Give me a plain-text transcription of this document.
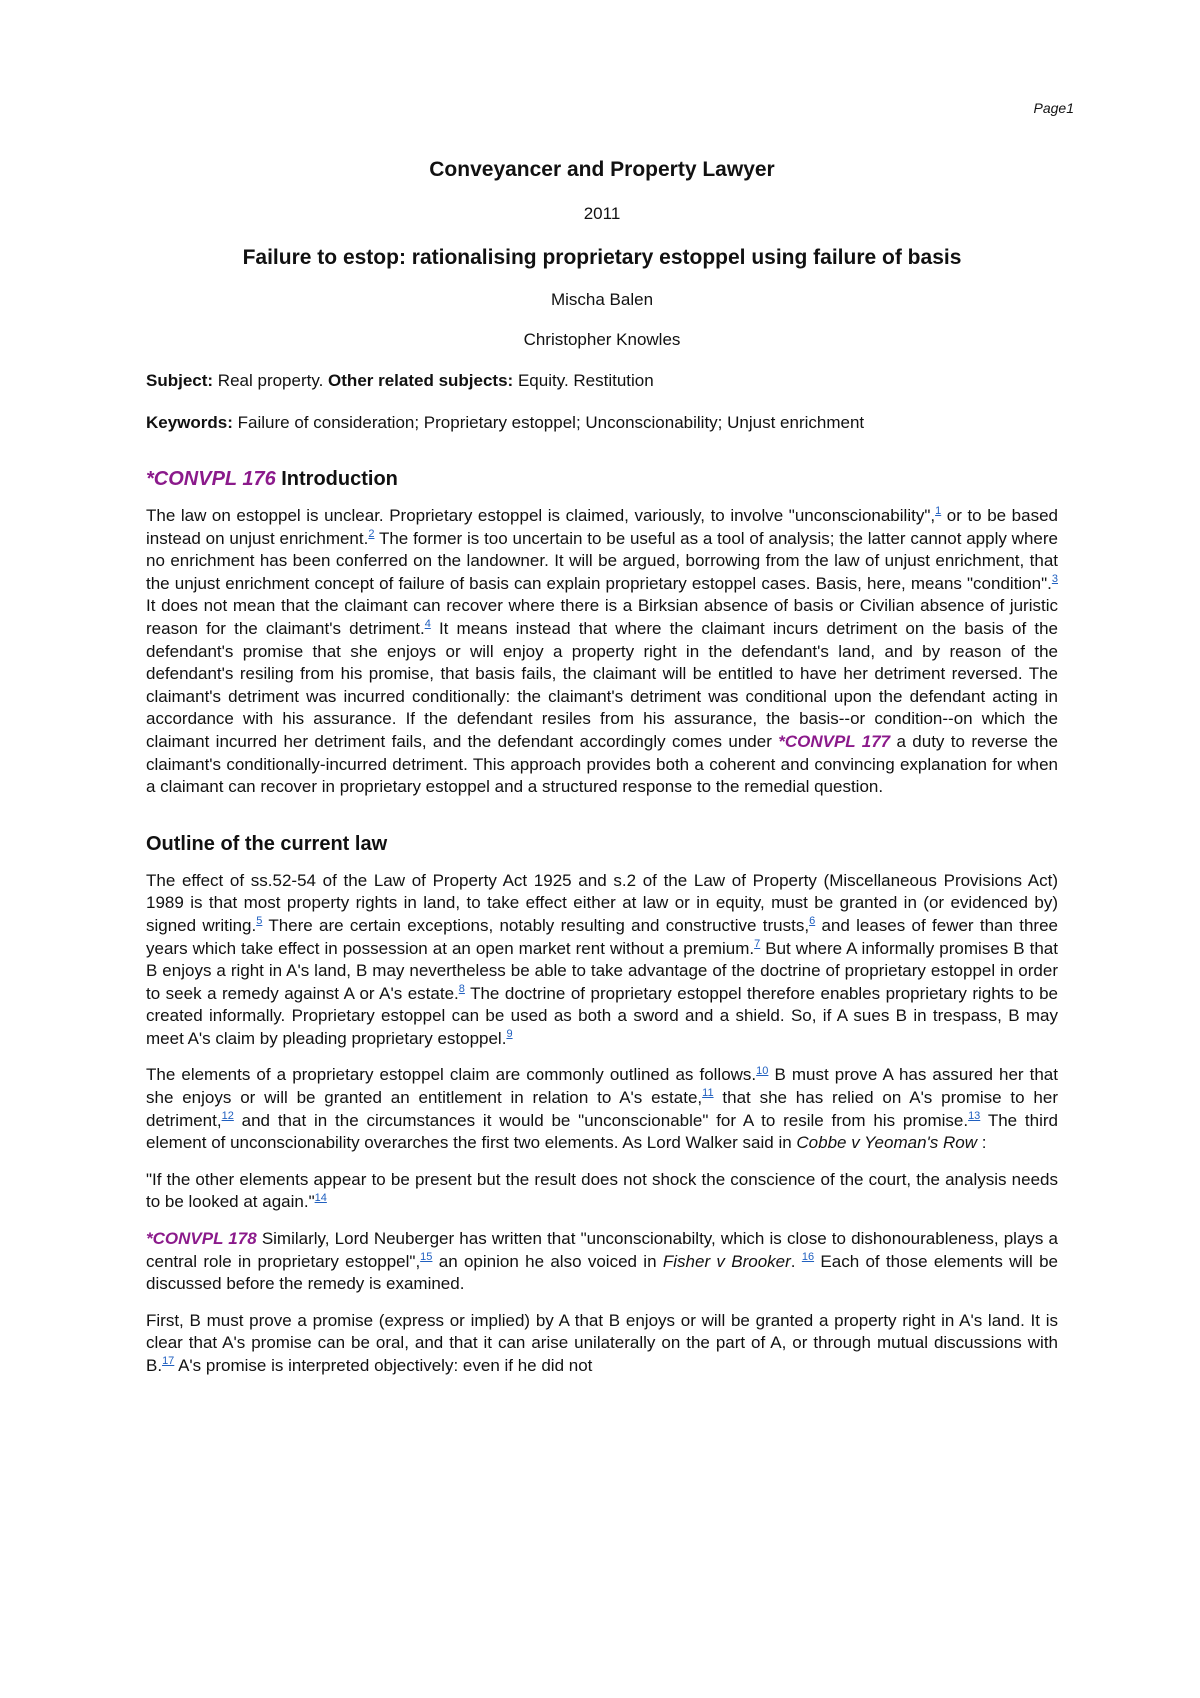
Page1
Conveyancer and Property Lawyer
2011
Failure to estop: rationalising proprietary estoppel using failure of basis
Mischa Balen
Christopher Knowles
Subject: Real property. Other related subjects: Equity. Restitution
Keywords: Failure of consideration; Proprietary estoppel; Unconscionability; Unjust enrichment
*CONVPL 176 Introduction

The law on estoppel is unclear. Proprietary estoppel is claimed, variously, to involve "unconscionability",$^1$ or to be based instead on unjust enrichment.$^2$ The former is too uncertain to be useful as a tool of analysis; the latter cannot apply where no enrichment has been conferred on the landowner. It will be argued, borrowing from the law of unjust enrichment, that the unjust enrichment concept of failure of basis can explain proprietary estoppel cases. Basis, here, means "condition".$^3$ It does not mean that the claimant can recover where there is a Birksian absence of basis or Civilian absence of juristic reason for the claimant's detriment.$^4$ It means instead that where the claimant incurs detriment on the basis of the defendant's promise that she enjoys or will enjoy a property right in the defendant's land, and by reason of the defendant's resiling from his promise, that basis fails, the claimant will be entitled to have her detriment reversed. The claimant's detriment was incurred conditionally: the claimant's detriment was conditional upon the defendant acting in accordance with his assurance. If the defendant resiles from his assurance, the basis--or condition--on which the claimant incurred her detriment fails, and the defendant accordingly comes under *CONVPL 177 a duty to reverse the claimant's conditionally-incurred detriment. This approach provides both a coherent and convincing explanation for when a claimant can recover in proprietary estoppel and a structured response to the remedial question.

Outline of the current law

The effect of ss.52-54 of the Law of Property Act 1925 and s.2 of the Law of Property (Miscellaneous Provisions Act) 1989 is that most property rights in land, to take effect either at law or in equity, must be granted in (or evidenced by) signed writing.$^5$ There are certain exceptions, notably resulting and constructive trusts,$^6$ and leases of fewer than three years which take effect in possession at an open market rent without a premium.$^7$ But where A informally promises B that B enjoys a right in A's land, B may nevertheless be able to take advantage of the doctrine of proprietary estoppel in order to seek a remedy against A or A's estate.$^8$ The doctrine of proprietary estoppel therefore enables proprietary rights to be created informally. Proprietary estoppel can be used as both a sword and a shield. So, if A sues B in trespass, B may meet A's claim by pleading proprietary estoppel.$^9$

The elements of a proprietary estoppel claim are commonly outlined as follows.$^{10}$ B must prove A has assured her that she enjoys or will be granted an entitlement in relation to A's estate,$^{11}$ that she has relied on A's promise to her detriment,$^{12}$ and that in the circumstances it would be "unconscionable" for A to resile from his promise.$^{13}$ The third element of unconscionability overarches the first two elements. As Lord Walker said in Cobbe v Yeoman's Row :

"If the other elements appear to be present but the result does not shock the conscience of the court, the analysis needs to be looked at again."$^{14}$

*CONVPL 178 Similarly, Lord Neuberger has written that "unconscionabilty, which is close to dishonourableness, plays a central role in proprietary estoppel",$^{15}$ an opinion he also voiced in Fisher v Brooker. $^{16}$ Each of those elements will be discussed before the remedy is examined.

First, B must prove a promise (express or implied) by A that B enjoys or will be granted a property right in A's land. It is clear that A's promise can be oral, and that it can arise unilaterally on the part of A, or through mutual discussions with B.$^{17}$ A's promise is interpreted objectively: even if he did not
